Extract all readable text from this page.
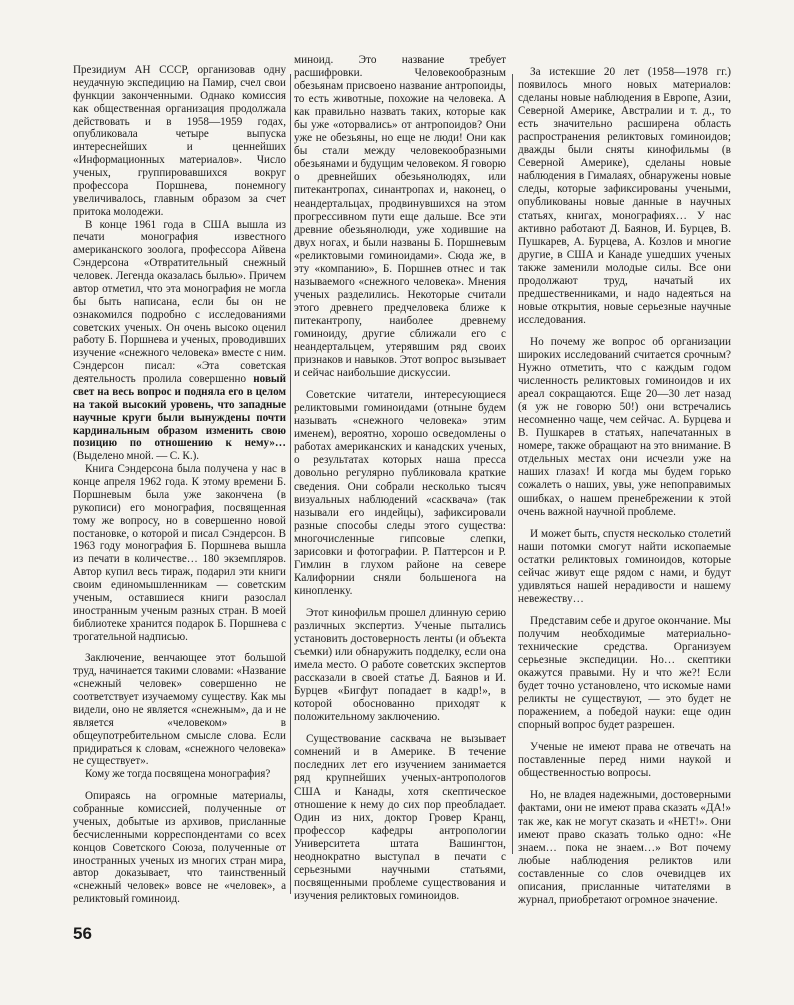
Президиум АН СССР, организовав одну неудачную экспедицию на Памир, счел свои функции законченными. Однако комиссия как общественная организация продолжала действовать и в 1958—1959 годах, опубликовала четыре выпуска интереснейших и ценнейших «Информационных материалов». Число ученых, группировавшихся вокруг профессора Поршнева, понемногу увеличивалось, главным образом за счет притока молодежи.

В конце 1961 года в США вышла из печати монография известного американского зоолога, профессора Айвена Сэндерсона «Отвратительный снежный человек. Легенда оказалась былью». Причем автор отметил, что эта монография не могла бы быть написана, если бы он не ознакомился подробно с исследованиями советских ученых. Он очень высоко оценил работу Б. Поршнева и ученых, проводивших изучение «снежного человека» вместе с ним. Сэндерсон писал: «Эта советская деятельность пролила совершенно новый свет на весь вопрос и подняла его в целом на такой высокий уровень, что западные научные круги были вынуждены почти кардинальным образом изменить свою позицию по отношению к нему»… (Выделено мной. — С. К.).

Книга Сэндерсона была получена у нас в конце апреля 1962 года. К этому времени Б. Поршневым была уже закончена (в рукописи) его монография, посвященная тому же вопросу, но в совершенно новой постановке, о которой и писал Сэндерсон. В 1963 году монография Б. Поршнева вышла из печати в количестве… 180 экземпляров. Автор купил весь тираж, подарил эти книги своим единомышленникам — советским ученым, оставшиеся книги разослал иностранным ученым разных стран. В моей библиотеке хранится подарок Б. Поршнева с трогательной надписью.

Заключение, венчающее этот большой труд, начинается такими словами: «Название «снежный человек» совершенно не соответствует изучаемому существу. Как мы видели, оно не является «снежным», да и не является «человеком» в общеупотребительном смысле слова. Если придираться к словам, «снежного человека» не существует».

Кому же тогда посвящена монография?

Опираясь на огромные материалы, собранные комиссией, полученные от ученых, добытые из архивов, присланные бесчисленными корреспондентами со всех концов Советского Союза, полученные от иностранных ученых из многих стран мира, автор доказывает, что таинственный «снежный человек» вовсе не «человек», а реликтовый гоминоид.

миноид. Это название требует расшифровки. Человекообразным обезьянам присвоено название антропоиды, то есть животные, похожие на человека. А как правильно назвать таких, которые как бы уже «оторвались» от антропоидов? Они уже не обезьяны, но еще не люди! Они как бы стали между человекообразными обезьянами и будущим человеком. Я говорю о древнейших обезьянолюдях, или питекантропах, синантропах и, наконец, о неандертальцах, продвинувшихся на этом прогрессивном пути еще дальше. Все эти древние обезьянолюди, уже ходившие на двух ногах, и были названы Б. Поршневым «реликтовыми гоминоидами». Сюда же, в эту «компанию», Б. Поршнев отнес и так называемого «снежного человека». Мнения ученых разделились. Некоторые считали этого древнего предчеловека ближе к питекантропу, наиболее древнему гоминоиду, другие сближали его с неандертальцем, утерявшим ряд своих признаков и навыков. Этот вопрос вызывает и сейчас наибольшие дискуссии.

Советские читатели, интересующиеся реликтовыми гоминоидами (отныне будем называть «снежного человека» этим именем), вероятно, хорошо осведомлены о работах американских и канадских ученых, о результатах которых наша пресса довольно регулярно публиковала краткие сведения. Они собрали несколько тысяч визуальных наблюдений «сасквача» (так называли его индейцы), зафиксировали разные способы следы этого существа: многочисленные гипсовые слепки, зарисовки и фотографии. Р. Паттерсон и Р. Гимлин в глухом районе на севере Калифорнии сняли большенога на кинопленку.

Этот кинофильм прошел длинную серию различных экспертиз. Ученые пытались установить достоверность ленты (и объекта съемки) или обнаружить подделку, если она имела место. О работе советских экспертов рассказали в своей статье Д. Баянов и И. Бурцев «Бигфут попадает в кадр!», в которой обоснованно приходят к положительному заключению.

Существование сасквача не вызывает сомнений и в Америке. В течение последних лет его изучением занимается ряд крупнейших ученых-антропологов США и Канады, хотя скептическое отношение к нему до сих пор преобладает. Один из них, доктор Гровер Кранц, профессор кафедры антропологии Университета штата Вашингтон, неоднократно выступал в печати с серьезными научными статьями, посвященными проблеме существования и изучения реликтовых гоминоидов.

За истекшие 20 лет (1958—1978 гг.) появилось много новых материалов: сделаны новые наблюдения в Европе, Азии, Северной Америке, Австралии и т. д., то есть значительно расширена область распространения реликтовых гоминоидов; дважды были сняты кинофильмы (в Северной Америке), сделаны новые наблюдения в Гималаях, обнаружены новые следы, которые зафиксированы учеными, опубликованы новые данные в научных статьях, книгах, монографиях… У нас активно работают Д. Баянов, И. Бурцев, В. Пушкарев, А. Бурцева, А. Козлов и многие другие, в США и Канаде ушедших ученых также заменили молодые силы. Все они продолжают труд, начатый их предшественниками, и надо надеяться на новые открытия, новые серьезные научные исследования.

Но почему же вопрос об организации широких исследований считается срочным? Нужно отметить, что с каждым годом численность реликтовых гоминоидов и их ареал сокращаются. Еще 20—30 лет назад (я уж не говорю 50!) они встречались несомненно чаще, чем сейчас. А. Бурцева и В. Пушкарев в статьях, напечатанных в номере, также обращают на это внимание. В отдельных местах они исчезли уже на наших глазах! И когда мы будем горько сожалеть о наших, увы, уже непоправимых ошибках, о нашем пренебрежении к этой очень важной научной проблеме.

И может быть, спустя несколько столетий наши потомки смогут найти ископаемые остатки реликтовых гоминоидов, которые сейчас живут еще рядом с нами, и будут удивляться нашей нерадивости и нашему невежеству…

Представим себе и другое окончание. Мы получим необходимые материально-технические средства. Организуем серьезные экспедиции. Но… скептики окажутся правыми. Ну и что же?! Если будет точно установлено, что искомые нами реликты не существуют, — это будет не поражением, а победой науки: еще один спорный вопрос будет разрешен.

Ученые не имеют права не отвечать на поставленные перед ними наукой и общественностью вопросы.

Но, не владея надежными, достоверными фактами, они не имеют права сказать «ДА!» так же, как не могут сказать и «НЕТ!». Они имеют право сказать только одно: «Не знаем… пока не знаем…» Вот почему любые наблюдения реликтов или составленные со слов очевидцев их описания, присланные читателями в журнал, приобретают огромное значение.

56
